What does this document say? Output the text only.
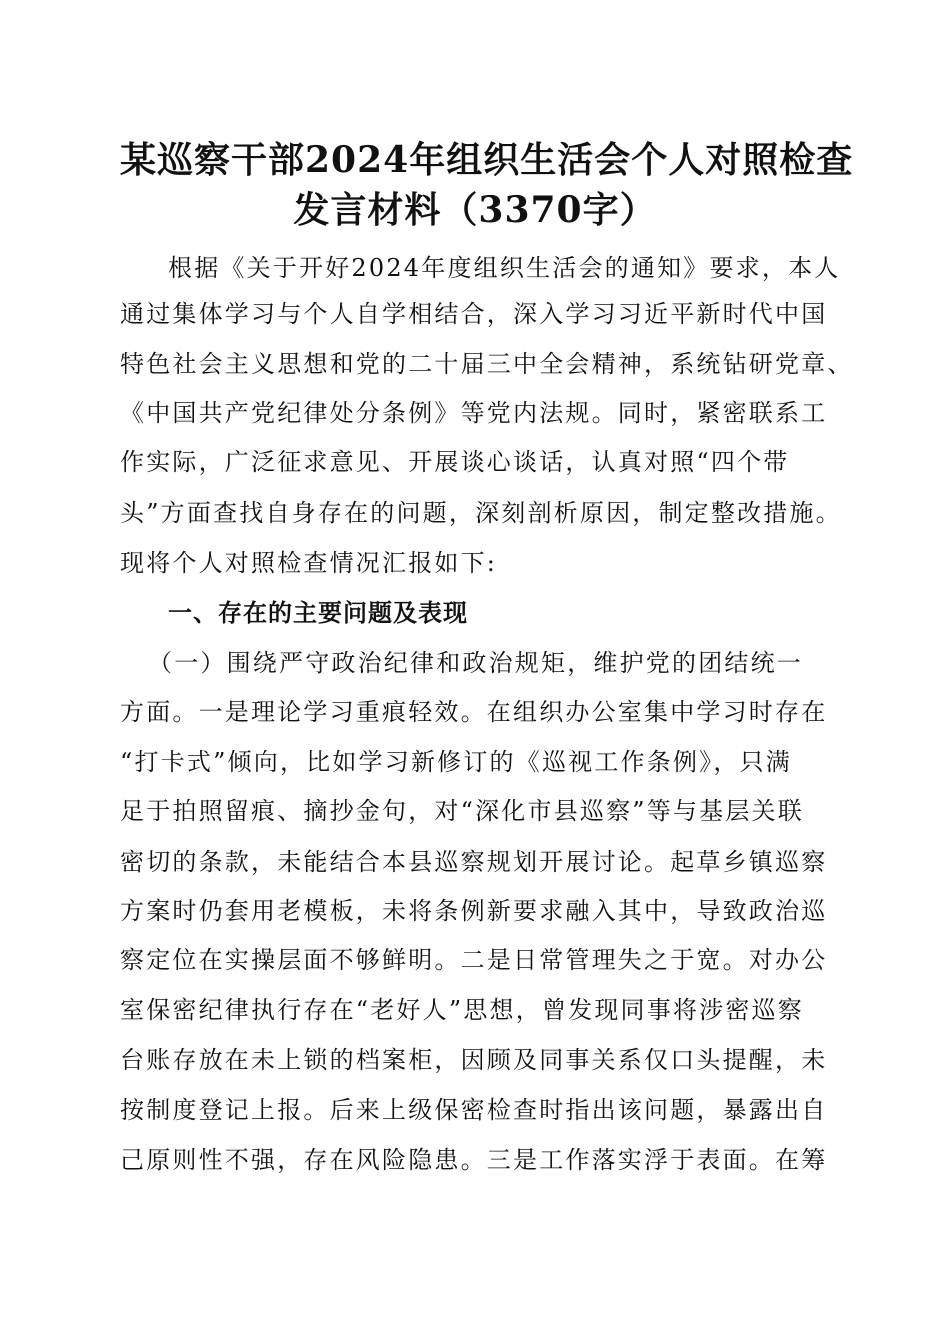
某巡察干部2024年组织生活会个人对照检查
发言材料（3370字）
根据《关于开好2024年度组织生活会的通知》要求，本人
通过集体学习与个人自学相结合，深入学习习近平新时代中国
特色社会主义思想和党的二十届三中全会精神，系统钻研党章、
《中国共产党纪律处分条例》等党内法规。同时，紧密联系工
作实际，广泛征求意见、开展谈心谈话，认真对照“四个带
头”方面查找自身存在的问题，深刻剖析原因，制定整改措施。
现将个人对照检查情况汇报如下:
一、存在的主要问题及表现
（一）围绕严守政治纪律和政治规矩，维护党的团结统一
方面。一是理论学习重痕轻效。在组织办公室集中学习时存在
“打卡式”倾向，比如学习新修订的《巡视工作条例》，只满
足于拍照留痕、摘抄金句，对“深化市县巡察”等与基层关联
密切的条款，未能结合本县巡察规划开展讨论。起草乡镇巡察
方案时仍套用老模板，未将条例新要求融入其中，导致政治巡
察定位在实操层面不够鲜明。二是日常管理失之于宽。对办公
室保密纪律执行存在“老好人”思想，曾发现同事将涉密巡察
台账存放在未上锁的档案柜，因顾及同事关系仅口头提醒，未
按制度登记上报。后来上级保密检查时指出该问题，暴露出自
己原则性不强，存在风险隐患。三是工作落实浮于表面。在筹
